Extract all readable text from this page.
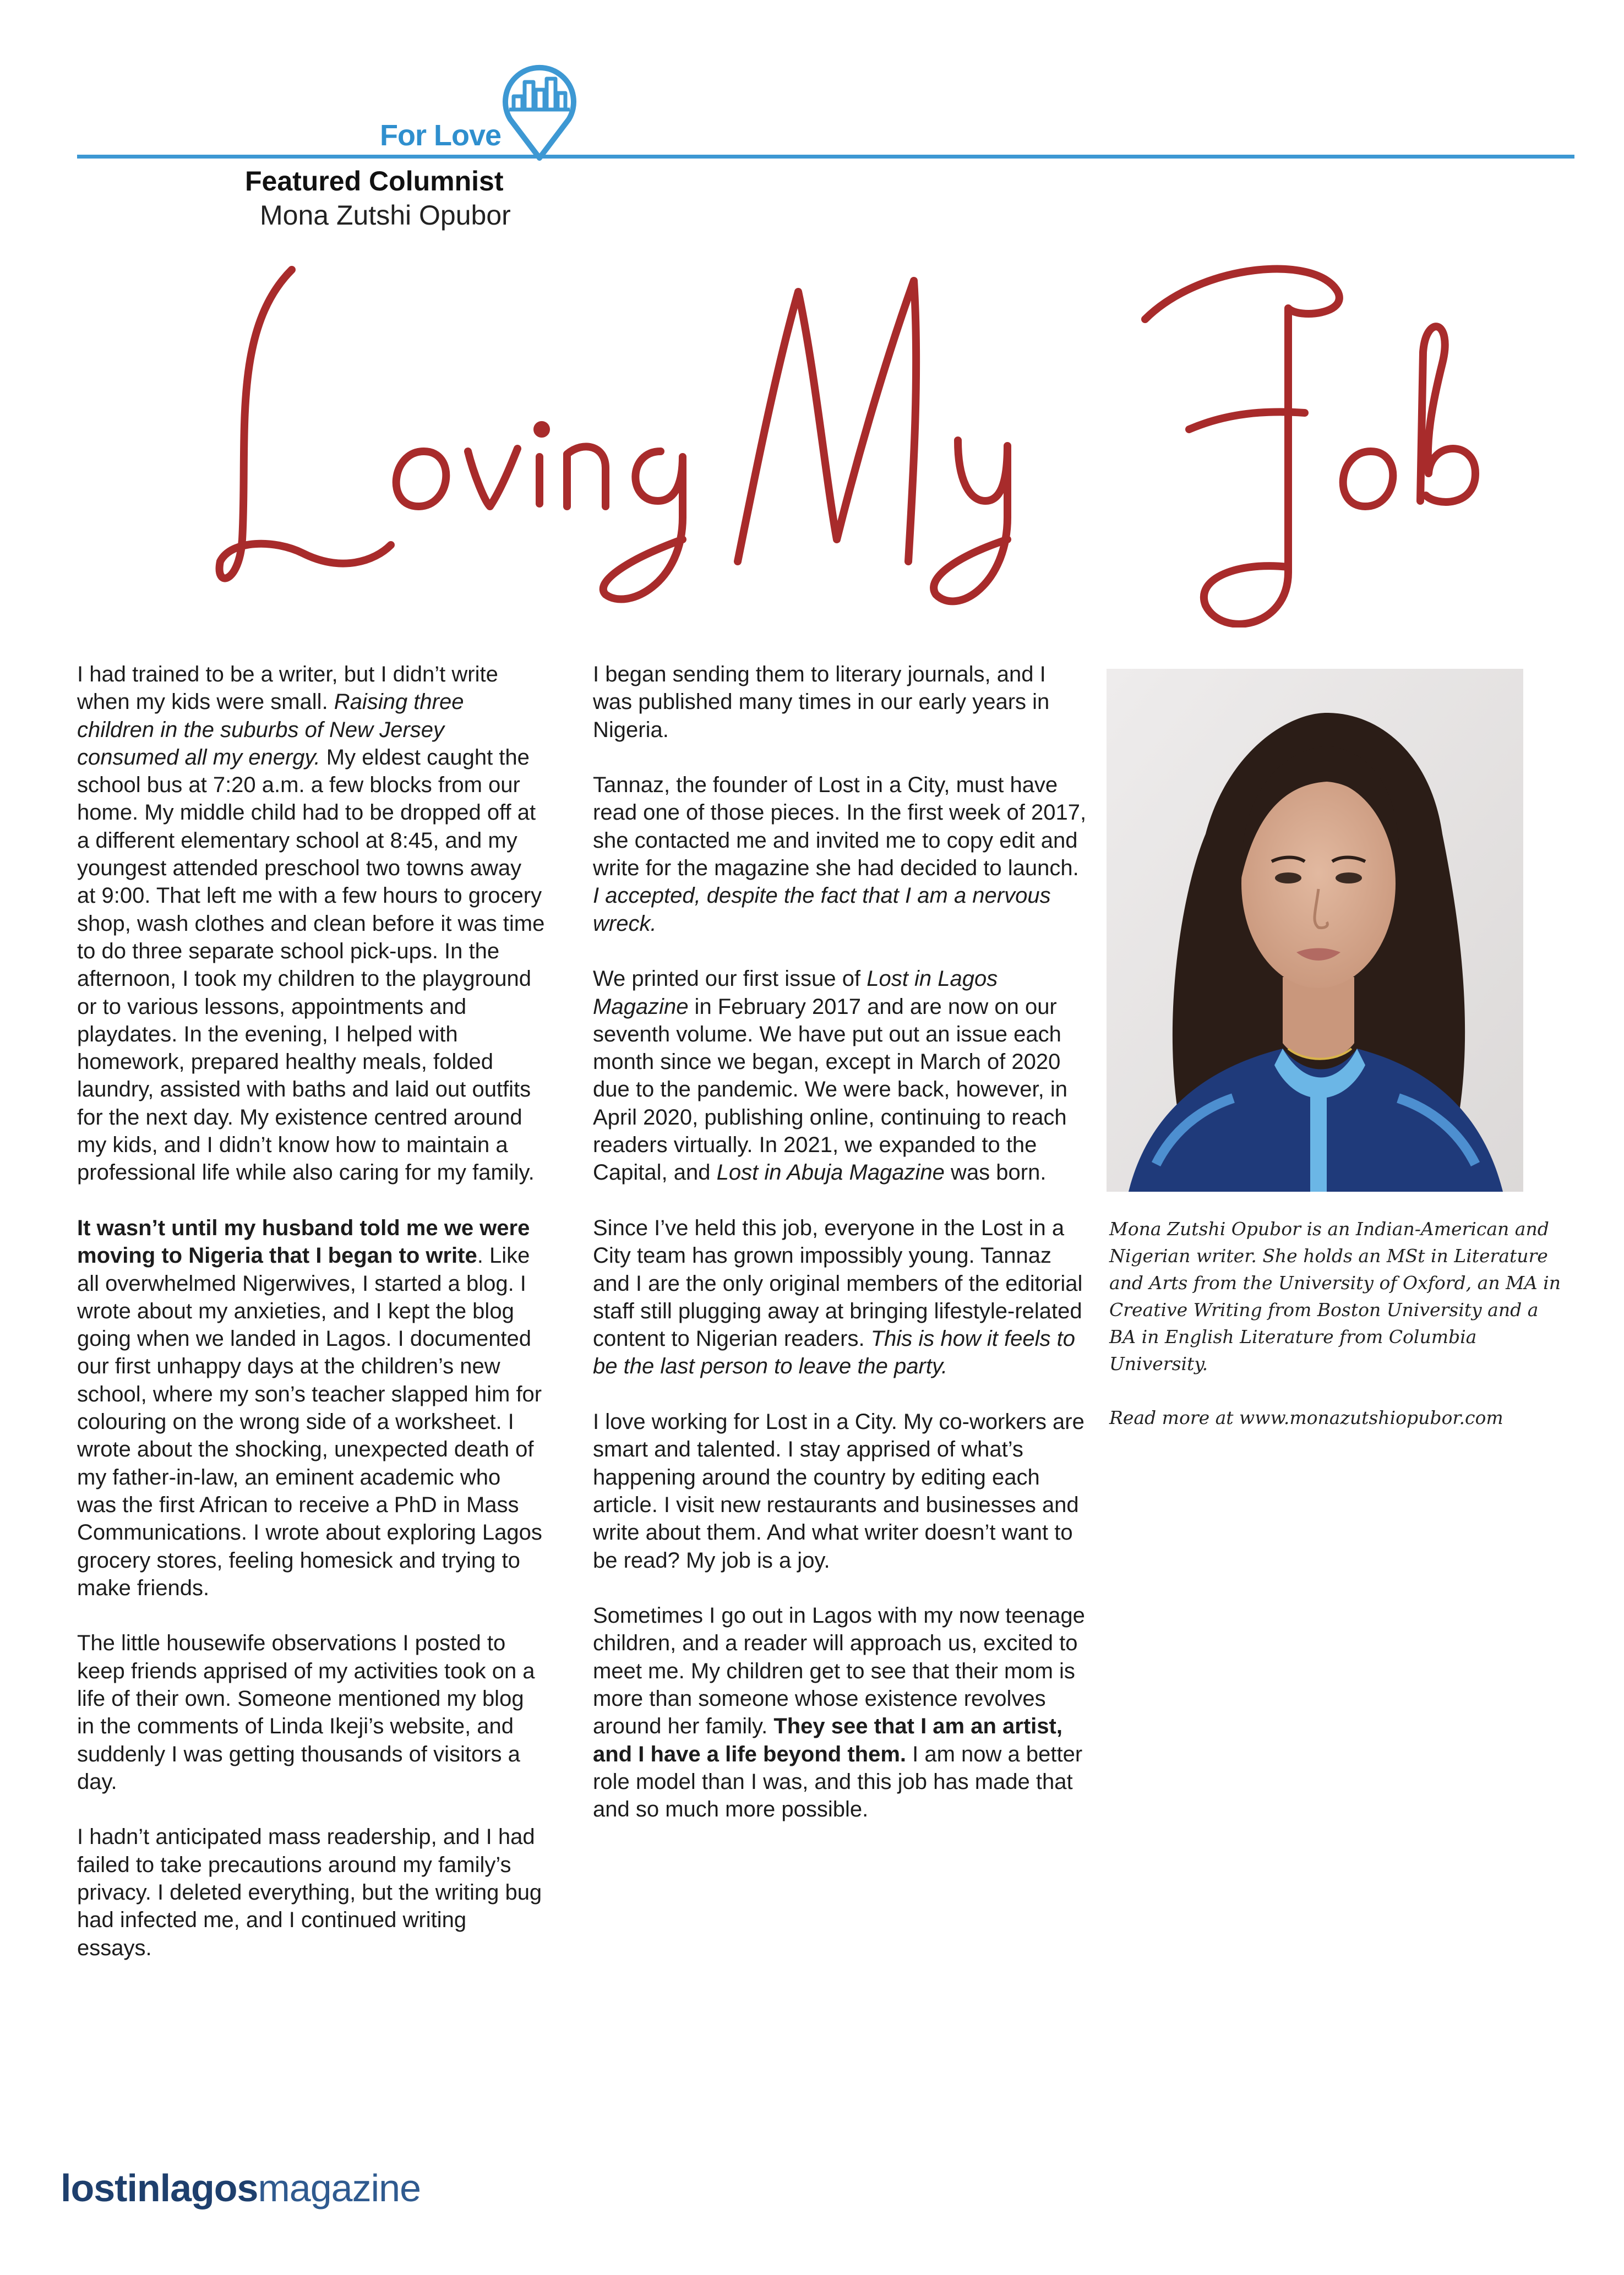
For Love
Featured Columnist
Mona Zutshi Opubor

I had trained to be a writer, but I didn’t write when my kids were small. Raising three children in the suburbs of New Jersey consumed all my energy. My eldest caught the school bus at 7:20 a.m. a few blocks from our home. My middle child had to be dropped off at a different elementary school at 8:45, and my youngest attended preschool two towns away at 9:00. That left me with a few hours to grocery shop, wash clothes and clean before it was time to do three separate school pick-ups. In the afternoon, I took my children to the playground or to various lessons, appointments and playdates. In the evening, I helped with homework, prepared healthy meals, folded laundry, assisted with baths and laid out outfits for the next day. My existence centred around my kids, and I didn’t know how to maintain a professional life while also caring for my family.

It wasn’t until my husband told me we were moving to Nigeria that I began to write. Like all overwhelmed Nigerwives, I started a blog. I wrote about my anxieties, and I kept the blog going when we landed in Lagos. I documented our first unhappy days at the children’s new school, where my son’s teacher slapped him for colouring on the wrong side of a worksheet. I wrote about the shocking, unexpected death of my father-in-law, an eminent academic who was the first African to receive a PhD in Mass Communications. I wrote about exploring Lagos grocery stores, feeling homesick and trying to make friends.

The little housewife observations I posted to keep friends apprised of my activities took on a life of their own. Someone mentioned my blog in the comments of Linda Ikeji’s website, and suddenly I was getting thousands of visitors a day.

I hadn’t anticipated mass readership, and I had failed to take precautions around my family’s privacy. I deleted everything, but the writing bug had infected me, and I continued writing essays.

I began sending them to literary journals, and I was published many times in our early years in Nigeria.

Tannaz, the founder of Lost in a City, must have read one of those pieces. In the first week of 2017, she contacted me and invited me to copy edit and write for the magazine she had decided to launch. I accepted, despite the fact that I am a nervous wreck.

We printed our first issue of Lost in Lagos Magazine in February 2017 and are now on our seventh volume. We have put out an issue each month since we began, except in March of 2020 due to the pandemic. We were back, however, in April 2020, publishing online, continuing to reach readers virtually. In 2021, we expanded to the Capital, and Lost in Abuja Magazine was born.

Since I’ve held this job, everyone in the Lost in a City team has grown impossibly young. Tannaz and I are the only original members of the editorial staff still plugging away at bringing lifestyle-related content to Nigerian readers. This is how it feels to be the last person to leave the party.

I love working for Lost in a City. My co-workers are smart and talented. I stay apprised of what’s happening around the country by editing each article. I visit new restaurants and businesses and write about them. And what writer doesn’t want to be read? My job is a joy.

Sometimes I go out in Lagos with my now teenage children, and a reader will approach us, excited to meet me. My children get to see that their mom is more than someone whose existence revolves around her family. They see that I am an artist, and I have a life beyond them. I am now a better role model than I was, and this job has made that and so much more possible.

Mona Zutshi Opubor is an Indian-American and Nigerian writer. She holds an MSt in Literature and Arts from the University of Oxford, an MA in Creative Writing from Boston University and a BA in English Literature from Columbia University.

Read more at www.monazutshiopubor.com

lostinlagosmagazine
